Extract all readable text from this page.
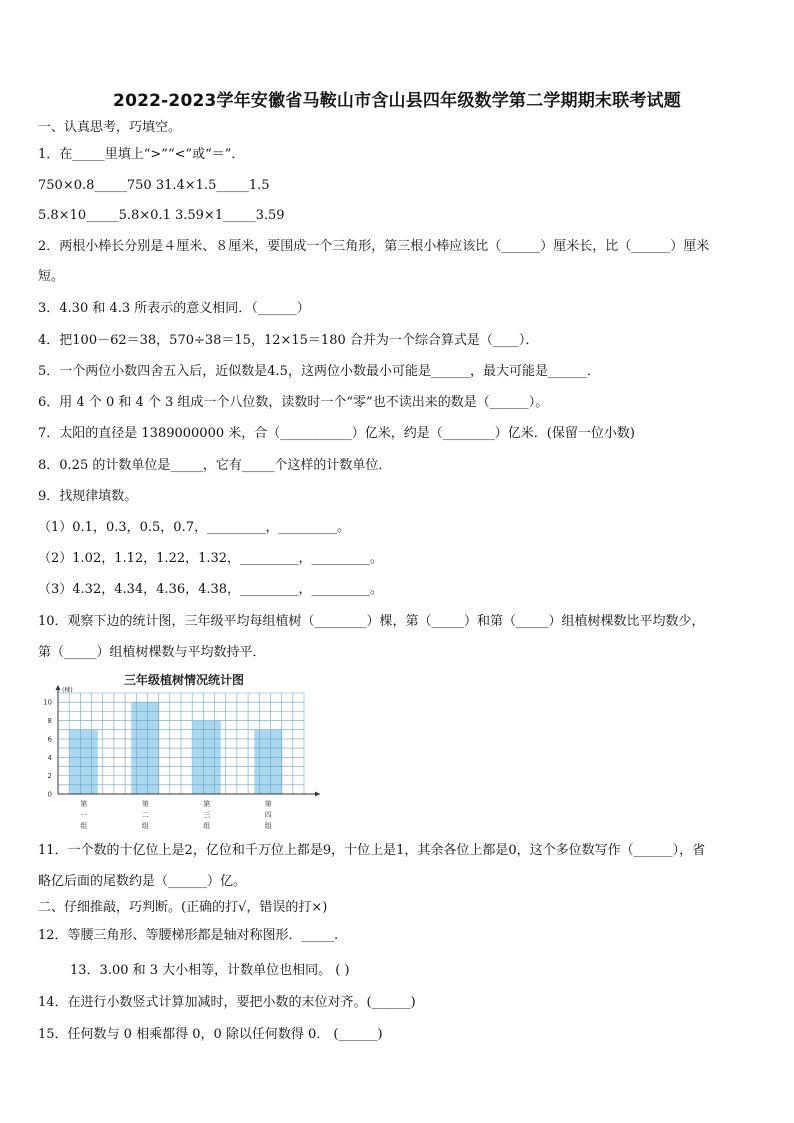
2022-2023学年安徽省马鞍山市含山县四年级数学第二学期期末联考试题
一、认真思考，巧填空。
1．在_____里填上“>”“<”或“＝”．
750×0.8_____750 31.4×1.5_____1.5
5.8×10_____5.8×0.1 3.59×1_____3.59
2．两根小棒长分别是４厘米、８厘米，要围成一个三角形，第三根小棒应该比（______）厘米长，比（______）厘米
短。
3．4.30 和 4.3 所表示的意义相同．（______）
4．把100－62＝38，570÷38＝15，12×15＝180 合并为一个综合算式是（____）．
5．一个两位小数四舍五入后，近似数是4.5，这两位小数最小可能是______，最大可能是______．
6．用 4 个 0 和 4 个 3 组成一个八位数，读数时一个“零”也不读出来的数是（______）。
7．太阳的直径是 1389000000 米，合（___________）亿米，约是（________）亿米．(保留一位小数)
8．0.25 的计数单位是_____，它有_____个这样的计数单位．
9．找规律填数。
（1）0.1，0.3，0.5，0.7，_________，_________。
（2）1.02，1.12，1.22，1.32，_________，_________。
（3）4.32，4.34，4.36，4.38，_________，_________。
10．观察下边的统计图，三年级平均每组植树（________）棵，第（_____）和第（_____）组植树棵数比平均数少，
第（_____）组植树棵数与平均数持平．
三年级植树情况统计图
(棵)
0
2
4
6
8
10
第
一
组
第
二
组
第
三
组
第
四
组
11．一个数的十亿位上是2，亿位和千万位上都是9，十位上是1，其余各位上都是0，这个多位数写作（______），省
略亿后面的尾数约是（______）亿。
二、仔细推敲，巧判断。(正确的打√，错误的打×)
12．等腰三角形、等腰梯形都是轴对称图形．_____.
13．3.00 和 3 大小相等，计数单位也相同。 ( )
14．在进行小数竖式计算加减时，要把小数的末位对齐。(______)
15．任何数与 0 相乘都得 0，0 除以任何数得 0． (______)
